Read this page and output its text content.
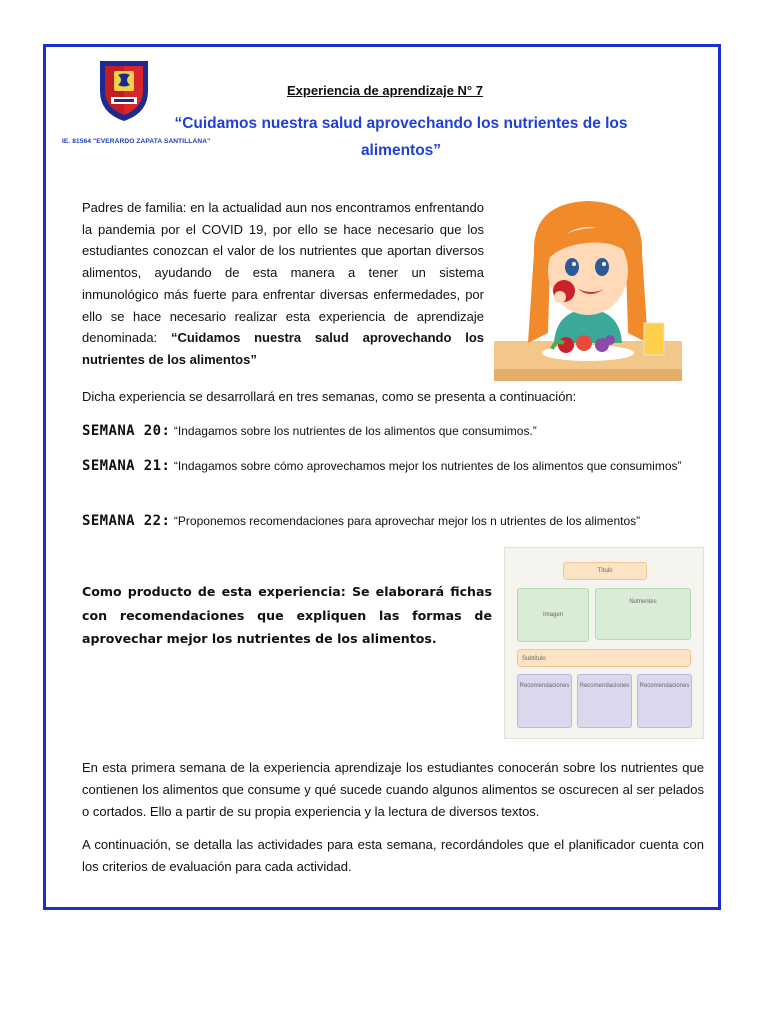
IE. 81564 "EVERARDO ZAPATA SANTILLANA"
Experiencia de aprendizaje N° 7
“Cuidamos nuestra salud aprovechando los nutrientes de los alimentos”
Padres de familia: en la actualidad aun nos encontramos enfrentando la pandemia por el COVID 19, por ello se hace necesario que los estudiantes conozcan el valor de los nutrientes que aportan diversos alimentos, ayudando de esta manera a tener un sistema inmunológico más fuerte para enfrentar diversas enfermedades, por ello se hace necesario realizar esta experiencia de aprendizaje denominada: “Cuidamos nuestra salud aprovechando los nutrientes de los alimentos”
Dicha experiencia se desarrollará en tres semanas, como se presenta a continuación:
SEMANA 20: “Indagamos sobre los nutrientes de los alimentos que consumimos.”
SEMANA 21: “Indagamos sobre cómo aprovechamos mejor los nutrientes de los alimentos que consumimos”
SEMANA 22: “Proponemos recomendaciones para aprovechar mejor los n utrientes de los alimentos”
Como producto de esta experiencia: Se elaborará fichas con recomendaciones que expliquen las formas de aprovechar mejor los nutrientes de los alimentos.
Título
Imagen
Nutrientes
Subtítulo
Recomendaciones	Recomendaciones	Recomendaciones
En esta primera semana de la experiencia aprendizaje los estudiantes conocerán sobre los nutrientes que contienen los alimentos que consume y qué sucede cuando algunos alimentos se oscurecen al ser pelados o cortados. Ello a partir de su propia experiencia y la lectura de diversos textos.
A continuación, se detalla las actividades para esta semana, recordándoles que el planificador cuenta con los criterios de evaluación para cada actividad.
